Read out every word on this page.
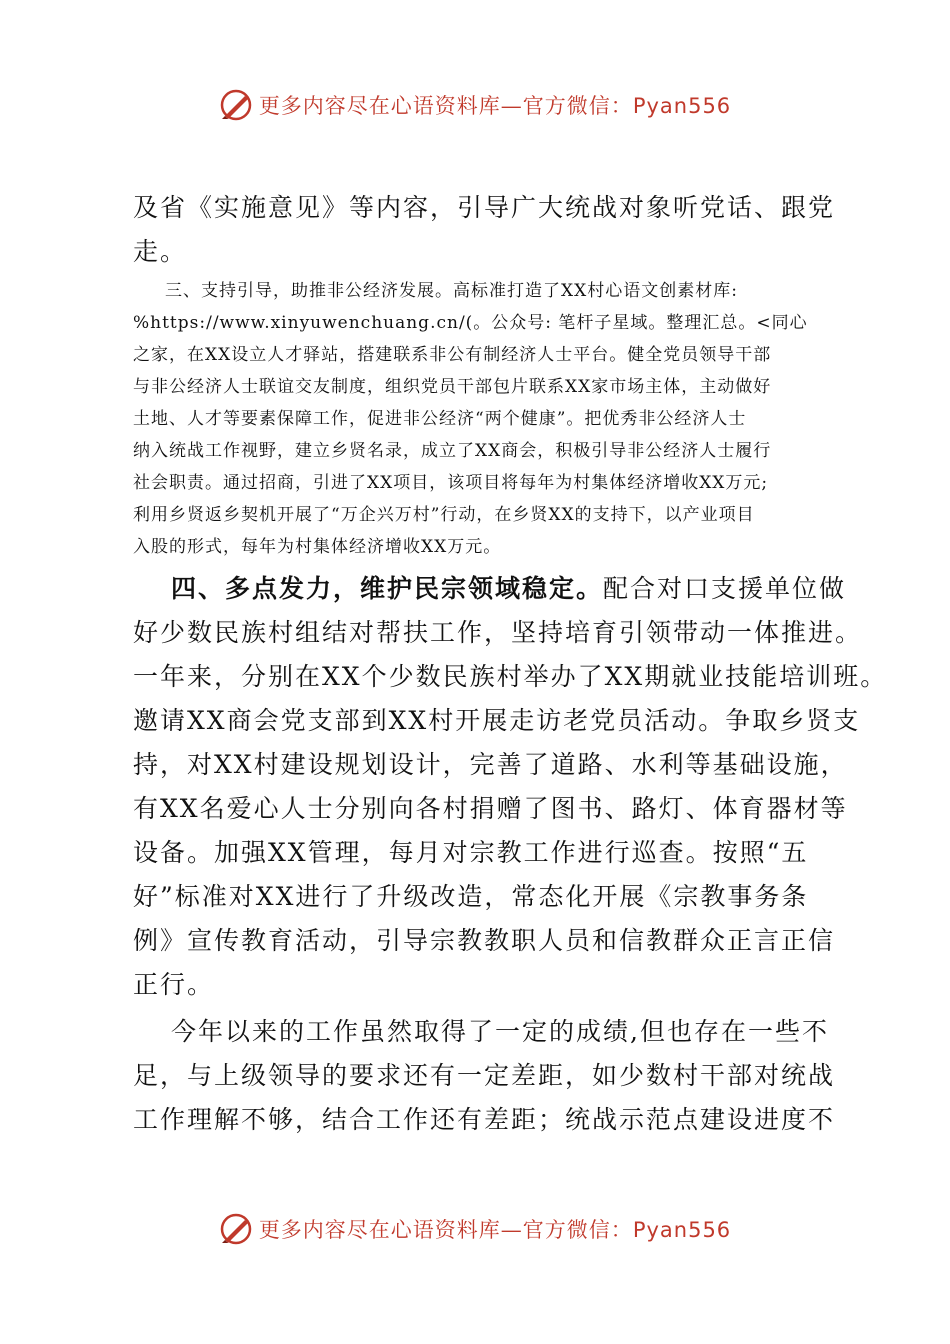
更多内容尽在心语资料库—官方微信：Pyan556
及省《实施意见》等内容，引导广大统战对象听党话、跟党
走。
三、支持引导，助推非公经济发展。高标准打造了XX村心语文创素材库:
%https://www.xinyuwenchuang.cn/(。公众号: 笔杆子星域。整理汇总。<同心
之家，在XX设立人才驿站，搭建联系非公有制经济人士平台。健全党员领导干部
与非公经济人士联谊交友制度，组织党员干部包片联系XX家市场主体，主动做好
土地、人才等要素保障工作，促进非公经济“两个健康”。把优秀非公经济人士
纳入统战工作视野，建立乡贤名录，成立了XX商会，积极引导非公经济人士履行
社会职责。通过招商，引进了XX项目，该项目将每年为村集体经济增收XX万元;
利用乡贤返乡契机开展了“万企兴万村”行动，在乡贤XX的支持下，以产业项目
入股的形式，每年为村集体经济增收XX万元。
四、多点发力，维护民宗领域稳定。配合对口支援单位做
好少数民族村组结对帮扶工作，坚持培育引领带动一体推进。
一年来，分别在XX个少数民族村举办了XX期就业技能培训班。
邀请XX商会党支部到XX村开展走访老党员活动。争取乡贤支
持，对XX村建设规划设计，完善了道路、水利等基础设施，
有XX名爱心人士分别向各村捐赠了图书、路灯、体育器材等
设备。加强XX管理，每月对宗教工作进行巡查。按照“五
好”标准对XX进行了升级改造，常态化开展《宗教事务条
例》宣传教育活动，引导宗教教职人员和信教群众正言正信
正行。
今年以来的工作虽然取得了一定的成绩,但也存在一些不
足，与上级领导的要求还有一定差距，如少数村干部对统战
工作理解不够，结合工作还有差距；统战示范点建设进度不
更多内容尽在心语资料库—官方微信：Pyan556
